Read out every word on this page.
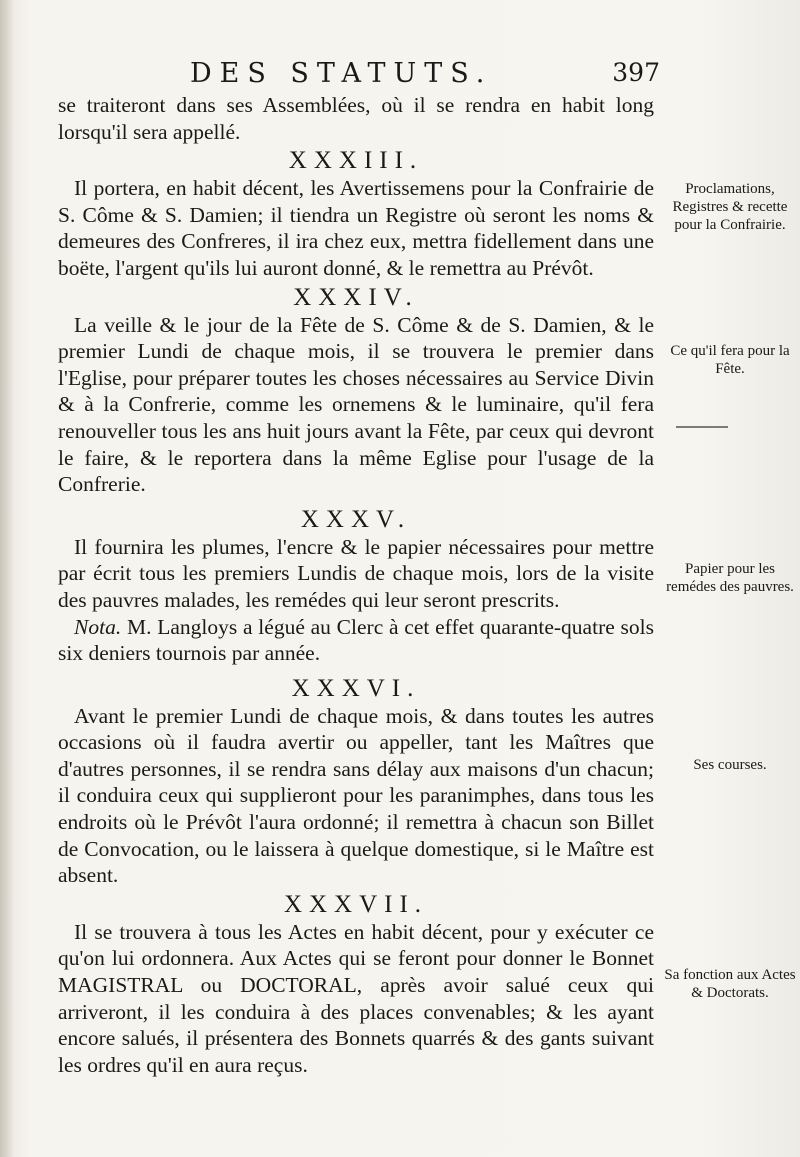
DES STATUTS.	397

se traiteront dans ses Assemblées, où il se rendra en habit long lorsqu'il sera appellé.

XXXIII.

Il portera, en habit décent, les Avertissemens pour la Confrairie de S. Côme & S. Damien; il tiendra un Registre où seront les noms & demeures des Confreres, il ira chez eux, mettra fidellement dans une boëte, l'argent qu'ils lui auront donné, & le remettra au Prévôt.

XXXIV.

La veille & le jour de la Fête de S. Côme & de S. Damien, & le premier Lundi de chaque mois, il se trouvera le premier dans l'Eglise, pour préparer toutes les choses nécessaires au Service Divin & à la Confrerie, comme les ornemens & le luminaire, qu'il fera renouveller tous les ans huit jours avant la Fête, par ceux qui devront le faire, & le reportera dans la même Eglise pour l'usage de la Confrerie.

XXXV.

Il fournira les plumes, l'encre & le papier nécessaires pour mettre par écrit tous les premiers Lundis de chaque mois, lors de la visite des pauvres malades, les remédes qui leur seront prescrits.

Nota. M. Langloys a légué au Clerc à cet effet quarante-quatre sols six deniers tournois par année.

XXXVI.

Avant le premier Lundi de chaque mois, & dans toutes les autres occasions où il faudra avertir ou appeller, tant les Maîtres que d'autres personnes, il se rendra sans délay aux maisons d'un chacun; il conduira ceux qui supplieront pour les paranimphes, dans tous les endroits où le Prévôt l'aura ordonné; il remettra à chacun son Billet de Convocation, ou le laissera à quelque domestique, si le Maître est absent.

XXXVII.

Il se trouvera à tous les Actes en habit décent, pour y exécuter ce qu'on lui ordonnera. Aux Actes qui se feront pour donner le Bonnet MAGISTRAL ou DOCTORAL, après avoir salué ceux qui arriveront, il les conduira à des places convenables; & les ayant encore salués, il présentera des Bonnets quarrés & des gants suivant les ordres qu'il en aura reçus.

Proclamations, Registres & recette pour la Confrairie.
Ce qu'il fera pour la Fête.
Papier pour les remédes des pauvres.
Ses courses.
Sa fonction aux Actes & Doctorats.
